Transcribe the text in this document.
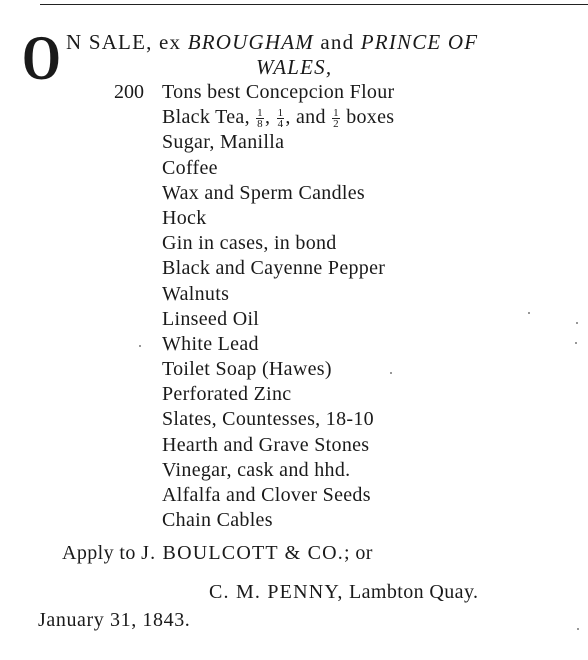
O N SALE, ex BROUGHAM and PRINCE OF
WALES,
200 Tons best Concepcion Flour
Black Tea, $\frac{1}{8}$ , $\frac{1}{4}$ , and $\frac{1}{2}$ boxes
Sugar, Manilla
Coffee
Wax and Sperm Candles
Hock
Gin in cases, in bond
Black and Cayenne Pepper
Walnuts
Linseed Oil
White Lead
Toilet Soap (Hawes)
Perforated Zinc
Slates, Countesses, 18-10
Hearth and Grave Stones
Vinegar, cask and hhd.
Alfalfa and Clover Seeds
Chain Cables
Apply to J. BOULCOTT & CO.; or
C. M. PENNY, Lambton Quay.
January 31, 1843.
